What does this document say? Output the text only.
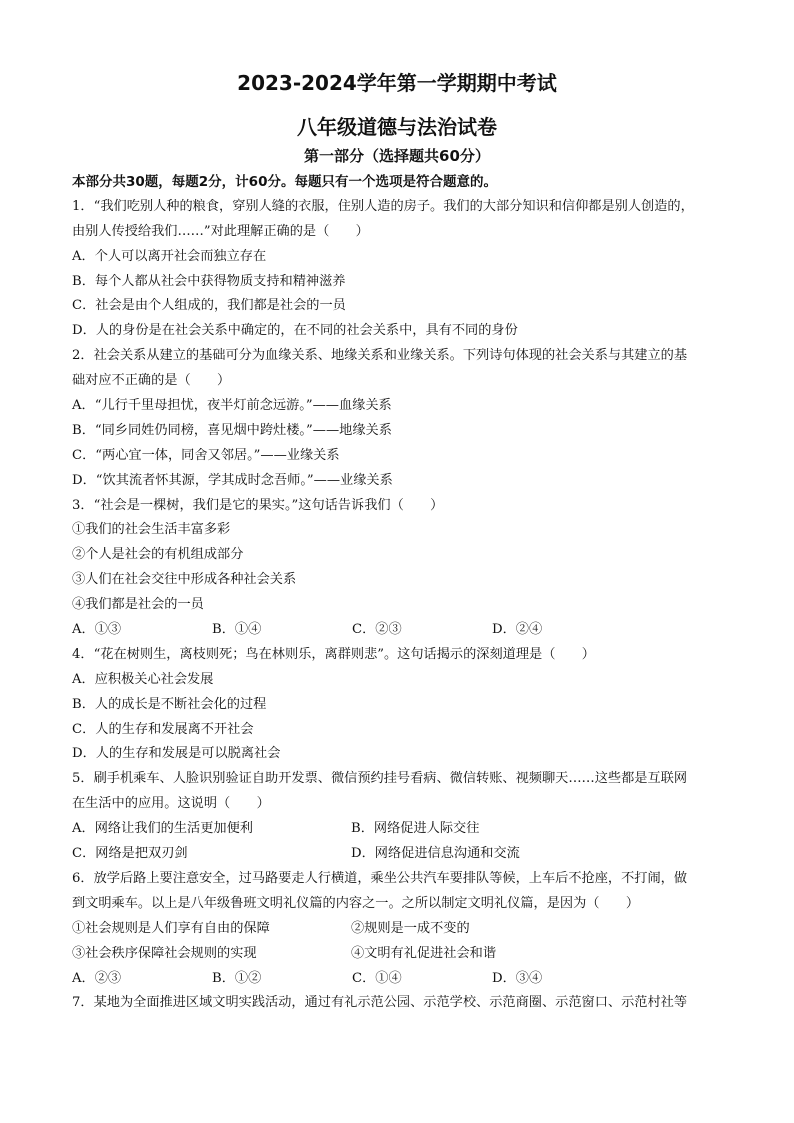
2023-2024学年第一学期期中考试
八年级道德与法治试卷
第一部分（选择题共60分）
本部分共30题，每题2分，计60分。每题只有一个选项是符合题意的。
1．“我们吃别人种的粮食，穿别人缝的衣服，住别人造的房子。我们的大部分知识和信仰都是别人创造的，
由别人传授给我们……”对此理解正确的是（　　）
A．个人可以离开社会而独立存在
B．每个人都从社会中获得物质支持和精神滋养
C．社会是由个人组成的，我们都是社会的一员
D．人的身份是在社会关系中确定的，在不同的社会关系中，具有不同的身份
2．社会关系从建立的基础可分为血缘关系、地缘关系和业缘关系。下列诗句体现的社会关系与其建立的基
础对应不正确的是（　　）
A．“儿行千里母担忧，夜半灯前念远游。”——血缘关系
B．“同乡同姓仍同榜，喜见烟中跨灶楼。”——地缘关系
C．“两心宜一体，同舍又邻居。”——业缘关系
D．“饮其流者怀其源，学其成时念吾师。”——业缘关系
3．“社会是一棵树，我们是它的果实。”这句话告诉我们（　　）
①我们的社会生活丰富多彩
②个人是社会的有机组成部分
③人们在社会交往中形成各种社会关系
④我们都是社会的一员
A．①③	B．①④	C．②③	D．②④
4．“花在树则生，离枝则死；鸟在林则乐，离群则悲”。这句话揭示的深刻道理是（　　）
A．应积极关心社会发展
B．人的成长是不断社会化的过程
C．人的生存和发展离不开社会
D．人的生存和发展是可以脱离社会
5．刷手机乘车、人脸识别验证自助开发票、微信预约挂号看病、微信转账、视频聊天……这些都是互联网
在生活中的应用。这说明（　　）
A．网络让我们的生活更加便利	B．网络促进人际交往
C．网络是把双刃剑	D．网络促进信息沟通和交流
6．放学后路上要注意安全，过马路要走人行横道，乘坐公共汽车要排队等候，上车后不抢座，不打闹，做
到文明乘车。以上是八年级鲁班文明礼仪篇的内容之一。之所以制定文明礼仪篇，是因为（　　）
①社会规则是人们享有自由的保障	②规则是一成不变的
③社会秩序保障社会规则的实现	④文明有礼促进社会和谐
A．②③	B．①②	C．①④	D．③④
7．某地为全面推进区域文明实践活动，通过有礼示范公园、示范学校、示范商圈、示范窗口、示范村社等
